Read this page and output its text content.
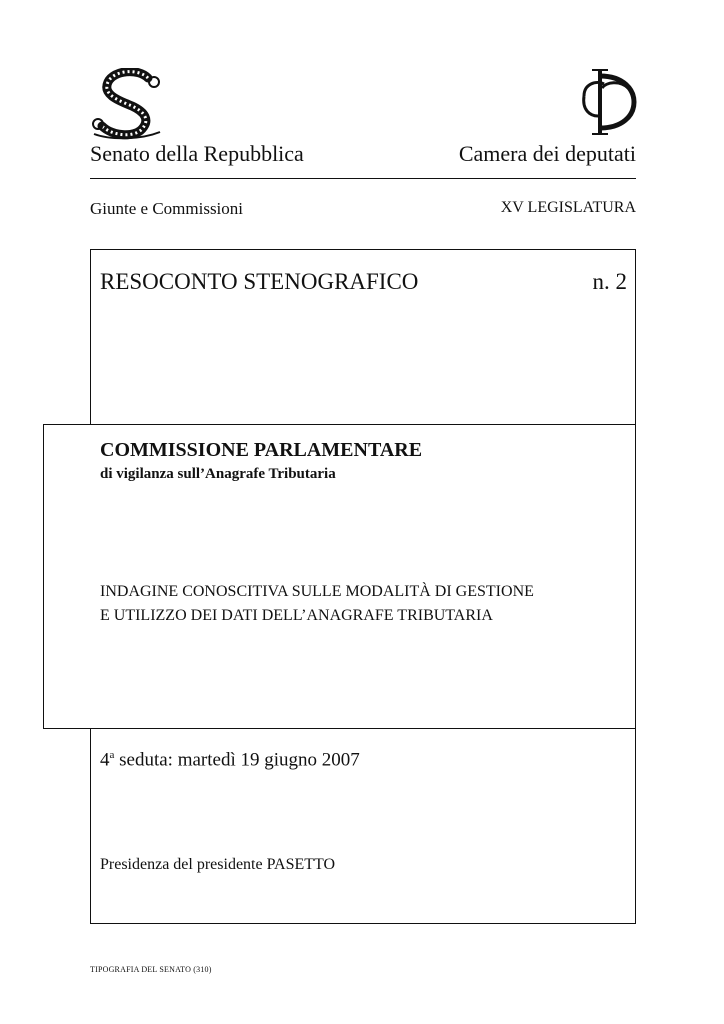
Senato della Repubblica	Camera dei deputati
Giunte e Commissioni	XV LEGISLATURA
RESOCONTO STENOGRAFICO	n. 2
COMMISSIONE PARLAMENTARE
di vigilanza sull’Anagrafe Tributaria
INDAGINE CONOSCITIVA SULLE MODALITÀ DI GESTIONE
E UTILIZZO DEI DATI DELL’ANAGRAFE TRIBUTARIA
4$^a$ seduta: martedì 19 giugno 2007
Presidenza del presidente PASETTO
TIPOGRAFIA DEL SENATO (310)
